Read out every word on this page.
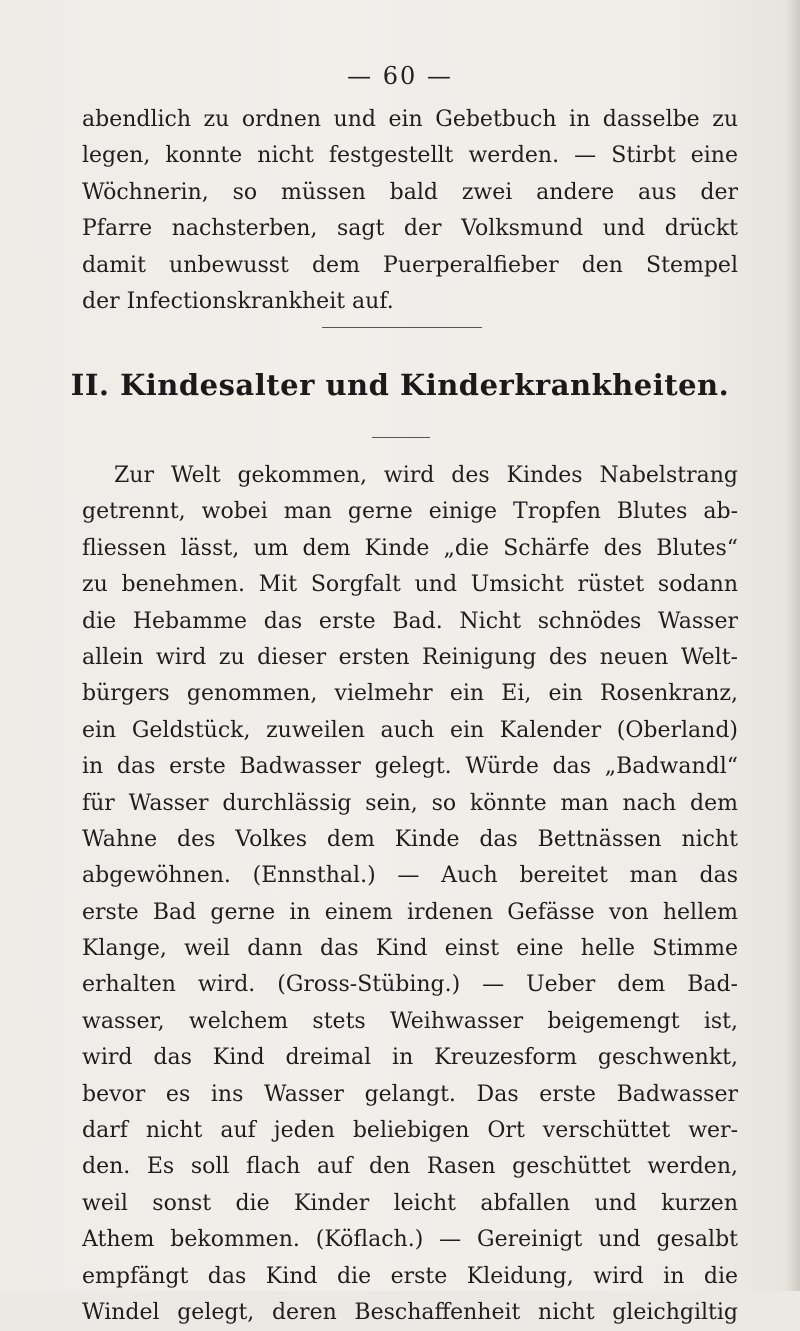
— 60 —
abendlich zu ordnen und ein Gebetbuch in dasselbe zu
legen, konnte nicht festgestellt werden. — Stirbt eine
Wöchnerin, so müssen bald zwei andere aus der
Pfarre nachsterben, sagt der Volksmund und drückt
damit unbewusst dem Puerperalfieber den Stempel
der Infectionskrankheit auf.
II. Kindesalter und Kinderkrankheiten.
Zur Welt gekommen, wird des Kindes Nabelstrang
getrennt, wobei man gerne einige Tropfen Blutes ab-
fliessen lässt, um dem Kinde „die Schärfe des Blutes“
zu benehmen. Mit Sorgfalt und Umsicht rüstet sodann
die Hebamme das erste Bad. Nicht schnödes Wasser
allein wird zu dieser ersten Reinigung des neuen Welt-
bürgers genommen, vielmehr ein Ei, ein Rosenkranz,
ein Geldstück, zuweilen auch ein Kalender (Oberland)
in das erste Badwasser gelegt. Würde das „Badwandl“
für Wasser durchlässig sein, so könnte man nach dem
Wahne des Volkes dem Kinde das Bettnässen nicht
abgewöhnen. (Ennsthal.) — Auch bereitet man das
erste Bad gerne in einem irdenen Gefässe von hellem
Klange, weil dann das Kind einst eine helle Stimme
erhalten wird. (Gross-Stübing.) — Ueber dem Bad-
wasser, welchem stets Weihwasser beigemengt ist,
wird das Kind dreimal in Kreuzesform geschwenkt,
bevor es ins Wasser gelangt. Das erste Badwasser
darf nicht auf jeden beliebigen Ort verschüttet wer-
den. Es soll flach auf den Rasen geschüttet werden,
weil sonst die Kinder leicht abfallen und kurzen
Athem bekommen. (Köflach.) — Gereinigt und gesalbt
empfängt das Kind die erste Kleidung, wird in die
Windel gelegt, deren Beschaffenheit nicht gleichgiltig
